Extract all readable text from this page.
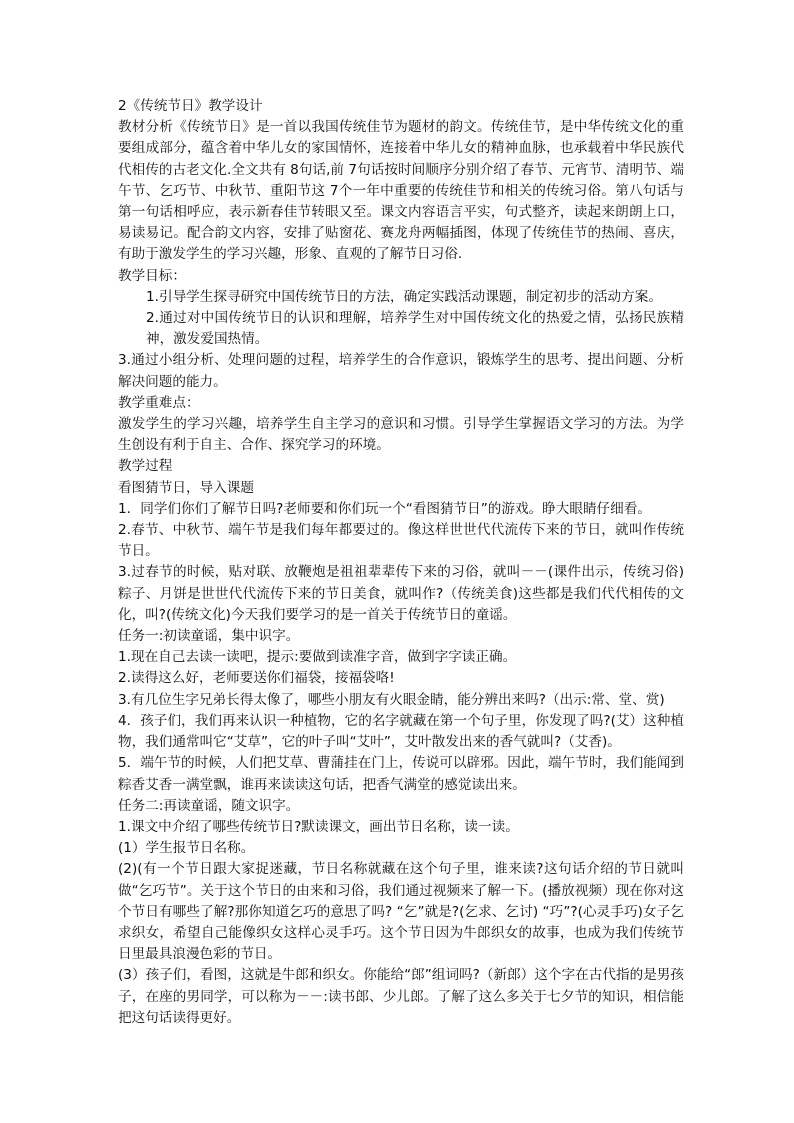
2《传统节日》教学设计

教材分析《传统节日》是一首以我国传统佳节为题材的韵文。传统佳节，是中华传统文化的重要组成部分，蕴含着中华儿女的家国情怀，连接着中华儿女的精神血脉，也承载着中华民族代代相传的古老文化.全文共有 8句话,前 7句话按时间顺序分别介绍了春节、元宵节、清明节、端午节、乞巧节、中秋节、重阳节这 7个一年中重要的传统佳节和相关的传统习俗。第八句话与第一句话相呼应，表示新春佳节转眼又至。课文内容语言平实，句式整齐，读起来朗朗上口，易读易记。配合韵文内容，安排了贴窗花、赛龙舟两幅插图，体现了传统佳节的热闹、喜庆，有助于激发学生的学习兴趣，形象、直观的了解节日习俗.

教学目标：

1.引导学生探寻研究中国传统节日的方法，确定实践活动课题，制定初步的活动方案。

2.通过对中国传统节日的认识和理解，培养学生对中国传统文化的热爱之情，弘扬民族精神，激发爱国热情。

3.通过小组分析、处理问题的过程，培养学生的合作意识，锻炼学生的思考、提出问题、分析解决问题的能力。

教学重难点：

激发学生的学习兴趣，培养学生自主学习的意识和习惯。引导学生掌握语文学习的方法。为学生创设有利于自主、合作、探究学习的环境。

教学过程

看图猜节日，导入课题

1．同学们你们了解节日吗?老师要和你们玩一个“看图猜节日”的游戏。睁大眼睛仔细看。

2.春节、中秋节、端午节是我们每年都要过的。像这样世世代代流传下来的节日，就叫作传统节日。

3.过春节的时候，贴对联、放鞭炮是祖祖辈辈传下来的习俗，就叫－－(课件出示，传统习俗)粽子、月饼是世世代代流传下来的节日美食，就叫作?（传统美食)这些都是我们代代相传的文化，叫?(传统文化)今天我们要学习的是一首关于传统节日的童谣。

任务一:初读童谣，集中识字。

1.现在自己去读一读吧，提示:要做到读准字音，做到字字读正确。

2.读得这么好，老师要送你们福袋，接福袋咯!

3.有几位生字兄弟长得太像了，哪些小朋友有火眼金睛，能分辨出来吗?（出示:常、堂、赏)

4．孩子们，我们再来认识一种植物，它的名字就藏在第一个句子里，你发现了吗?(艾）这种植物，我们通常叫它“艾草”，它的叶子叫“艾叶”，艾叶散发出来的香气就叫?（艾香)。

5．端午节的时候，人们把艾草、曹蒲挂在门上，传说可以辟邪。因此，端午节时，我们能闻到粽香艾香一满堂飘，谁再来读读这句话，把香气满堂的感觉读出来。

任务二:再读童谣，随文识字。

1.课文中介绍了哪些传统节日?默读课文，画出节日名称，读一读。

(1）学生报节日名称。

(2)(有一个节日跟大家捉迷藏，节日名称就藏在这个句子里，谁来读?这句话介绍的节日就叫做“乞巧节”。关于这个节日的由来和习俗，我们通过视频来了解一下。(播放视频）现在你对这个节日有哪些了解?那你知道乞巧的意思了吗? “乞”就是?(乞求、乞讨) “巧”?(心灵手巧)女子乞求织女，希望自己能像织女这样心灵手巧。这个节日因为牛郎织女的故事，也成为我们传统节日里最具浪漫色彩的节日。

(3）孩子们，看图，这就是牛郎和织女。你能给“郎”组词吗?（新郎）这个字在古代指的是男孩子，在座的男同学，可以称为－－:读书郎、少儿郎。了解了这么多关于七夕节的知识，相信能把这句话读得更好。
